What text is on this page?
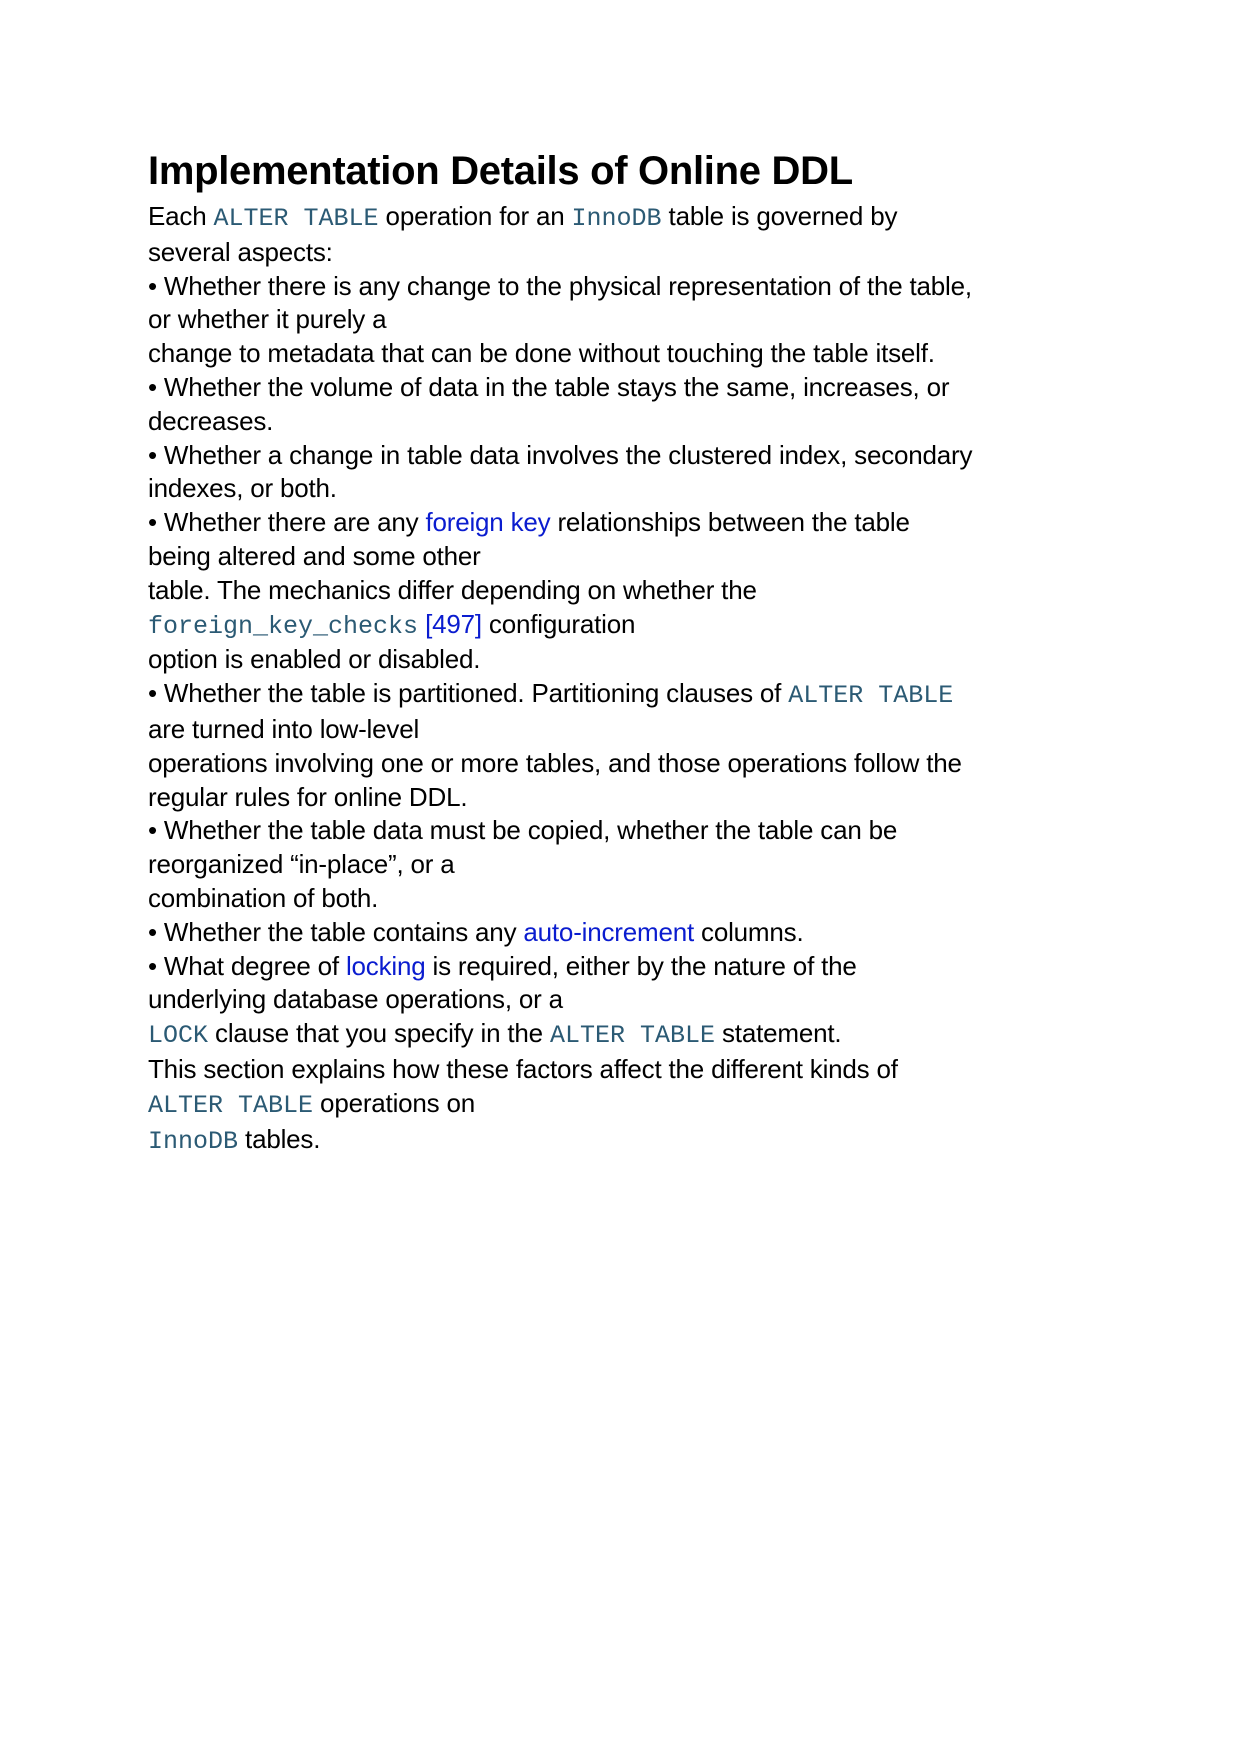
Implementation Details of Online DDL
Each ALTER TABLE operation for an InnoDB table is governed by
several aspects:
• Whether there is any change to the physical representation of the table,
or whether it purely a
change to metadata that can be done without touching the table itself.
• Whether the volume of data in the table stays the same, increases, or
decreases.
• Whether a change in table data involves the clustered index, secondary
indexes, or both.
• Whether there are any foreign key relationships between the table
being altered and some other
table. The mechanics differ depending on whether the
foreign_key_checks [497] configuration
option is enabled or disabled.
• Whether the table is partitioned. Partitioning clauses of ALTER TABLE
are turned into low-level
operations involving one or more tables, and those operations follow the
regular rules for online DDL.
• Whether the table data must be copied, whether the table can be
reorganized “in-place”, or a
combination of both.
• Whether the table contains any auto-increment columns.
• What degree of locking is required, either by the nature of the
underlying database operations, or a
LOCK clause that you specify in the ALTER TABLE statement.
This section explains how these factors affect the different kinds of
ALTER TABLE operations on
InnoDB tables.
